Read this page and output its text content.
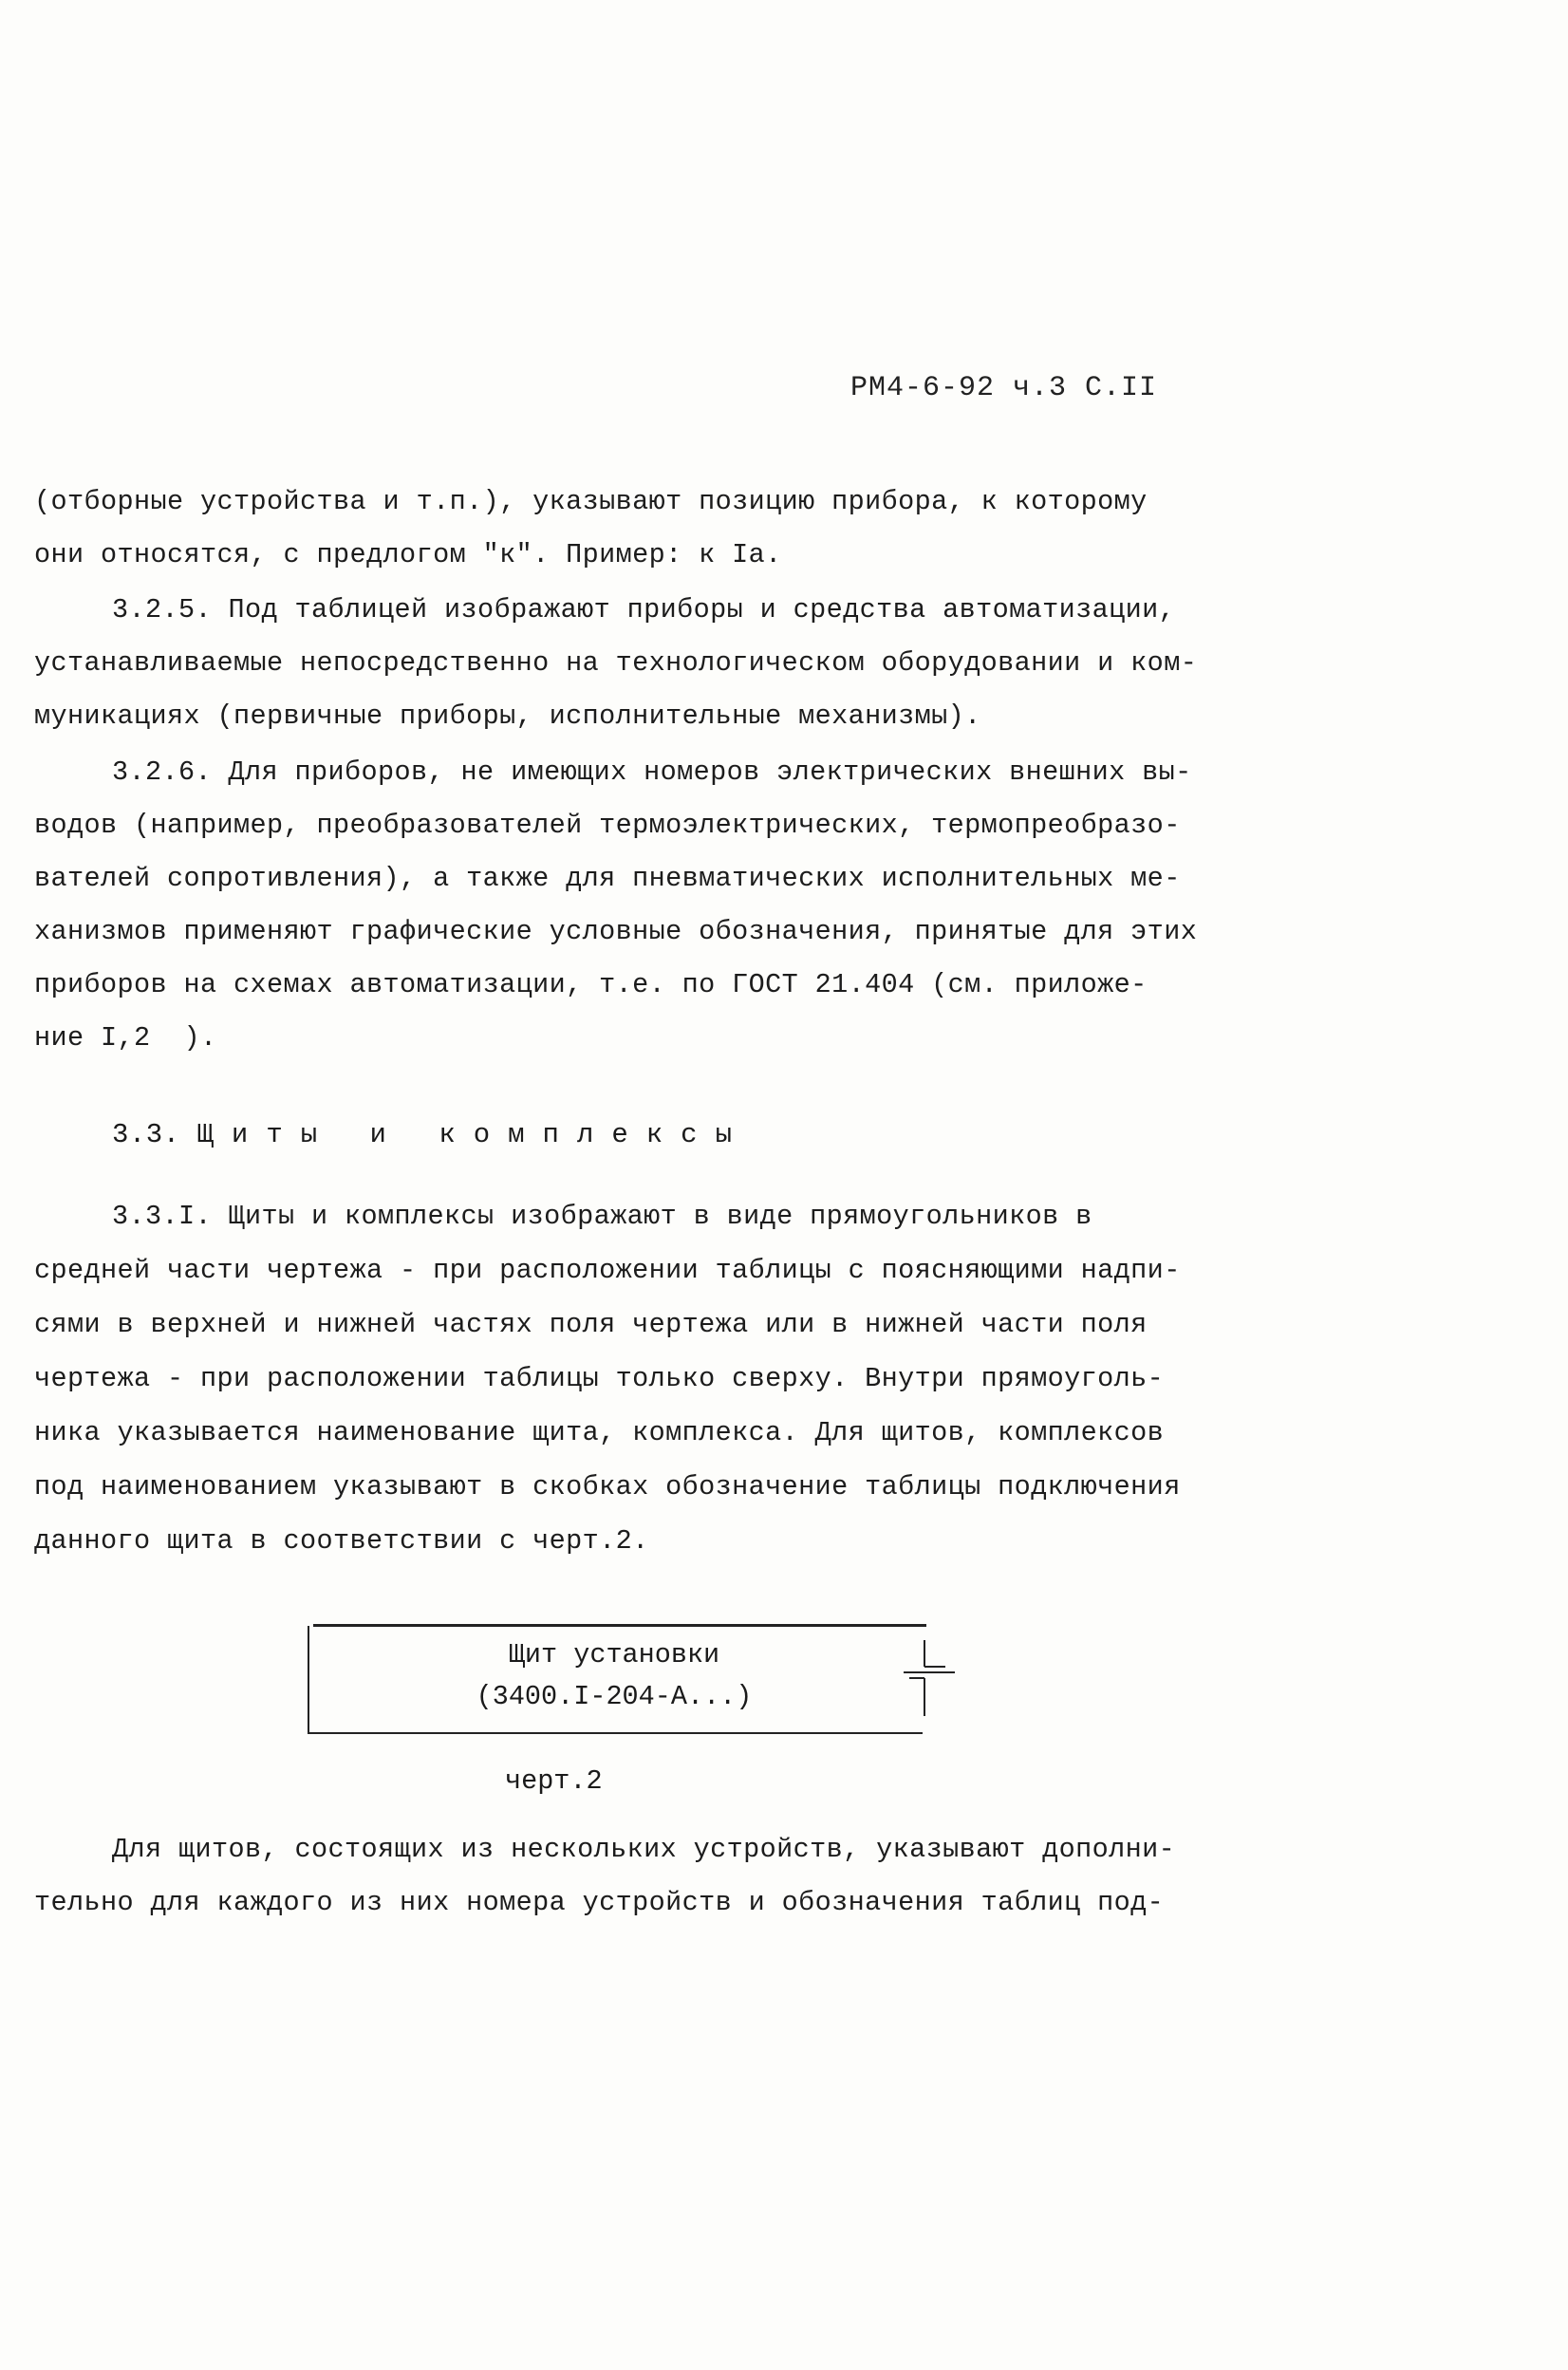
РМ4-6-92 ч.3 С.II
(отборные устройства и т.п.), указывают позицию прибора, к которому
они относятся, с предлогом "к". Пример: к Iа.
3.2.5. Под таблицей изображают приборы и средства автоматизации,
устанавливаемые непосредственно на технологическом оборудовании и ком-
муникациях (первичные приборы, исполнительные механизмы).
3.2.6. Для приборов, не имеющих номеров электрических внешних вы-
водов (например, преобразователей термоэлектрических, термопреобразо-
вателей сопротивления), а также для пневматических исполнительных ме-
ханизмов применяют графические условные обозначения, принятые для этих
приборов на схемах автоматизации, т.е. по ГОСТ 21.404 (см. приложе-
ние I,2  ).
3.3. Щиты и комплексы
3.3.I. Щиты и комплексы изображают в виде прямоугольников в
средней части чертежа - при расположении таблицы с поясняющими надпи-
сями в верхней и нижней частях поля чертежа или в нижней части поля
чертежа - при расположении таблицы только сверху. Внутри прямоуголь-
ника указывается наименование щита, комплекса. Для щитов, комплексов
под наименованием указывают в скобках обозначение таблицы подключения
данного щита в соответствии с черт.2.
Щит установки
(3400.I-204-А...)
черт.2
Для щитов, состоящих из нескольких устройств, указывают дополни-
тельно для каждого из них номера устройств и обозначения таблиц под-
